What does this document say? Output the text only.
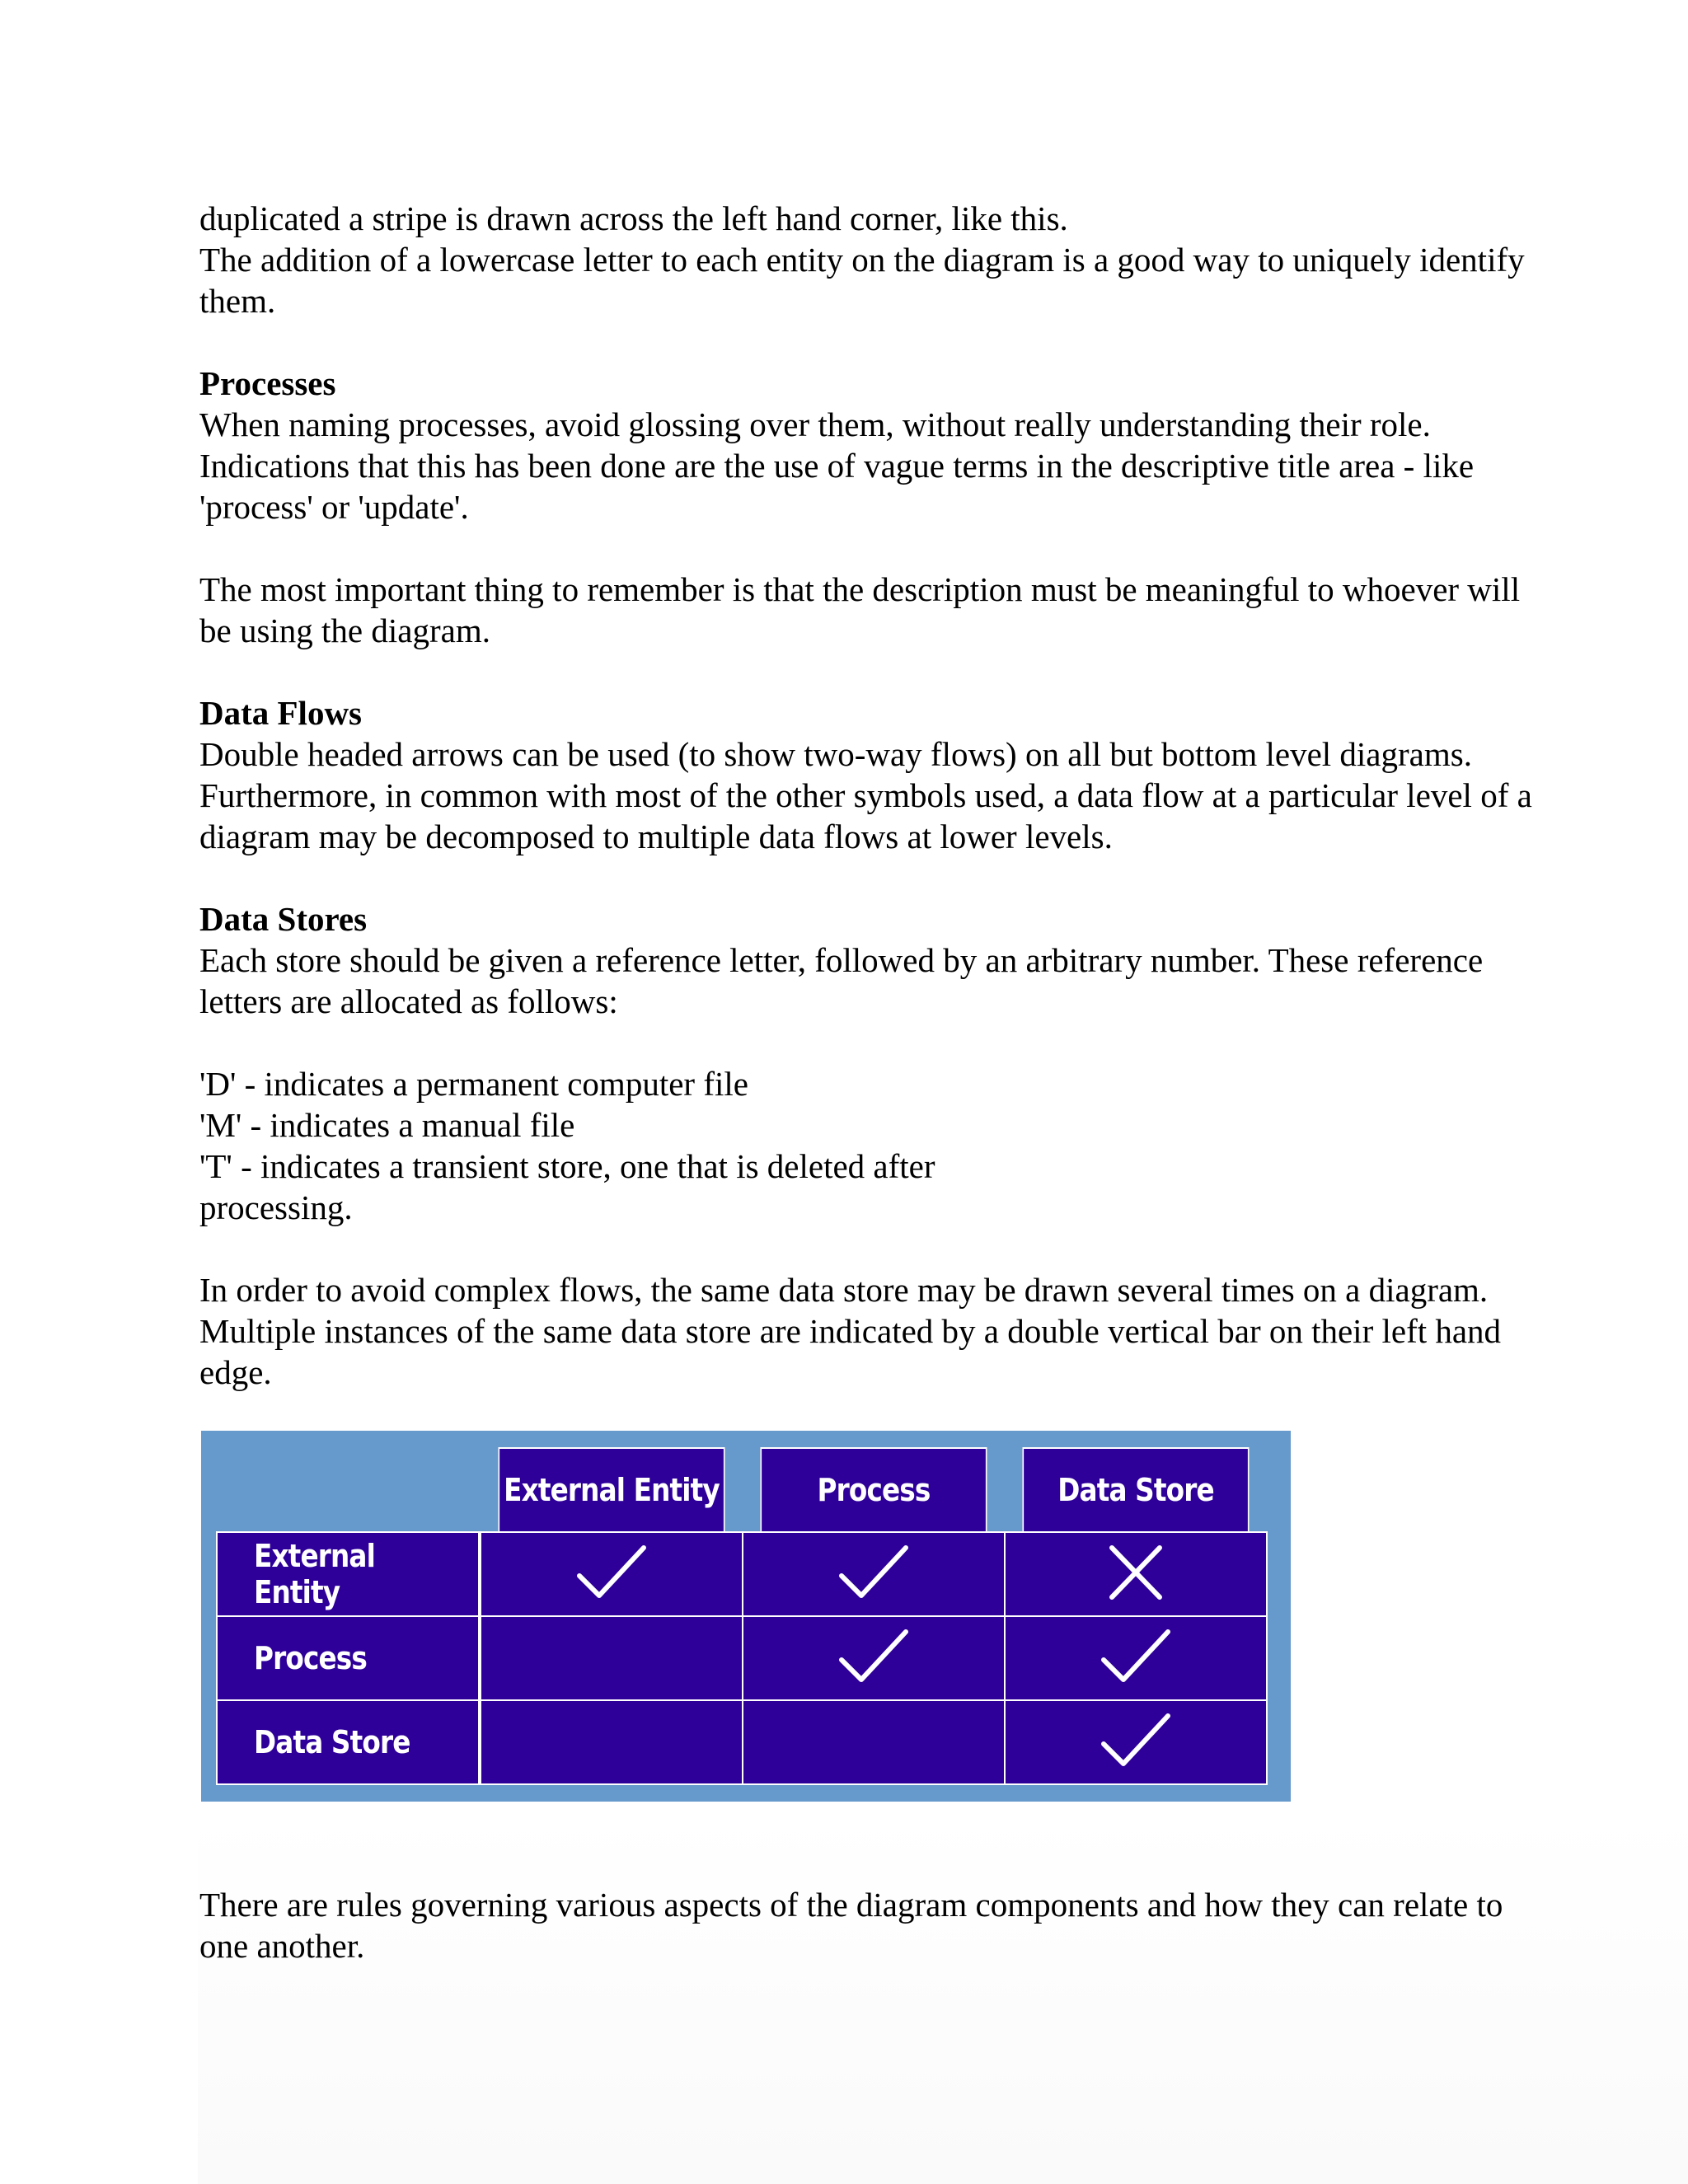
duplicated a stripe is drawn across the left hand corner, like this.

The addition of a lowercase letter to each entity on the diagram is a good way to uniquely identify them.

Processes

When naming processes, avoid glossing over them, without really understanding their role. Indications that this has been done are the use of vague terms in the descriptive title area - like 'process' or 'update'.

The most important thing to remember is that the description must be meaningful to whoever will be using the diagram.

Data Flows

Double headed arrows can be used (to show two-way flows) on all but bottom level diagrams. Furthermore, in common with most of the other symbols used, a data flow at a particular level of a diagram may be decomposed to multiple data flows at lower levels.

Data Stores

Each store should be given a reference letter, followed by an arbitrary number. These reference letters are allocated as follows:

'D' - indicates a permanent computer file

'M' - indicates a manual file

'T' - indicates a transient store, one that is deleted after

processing.

In order to avoid complex flows, the same data store may be drawn several times on a diagram. Multiple instances of the same data store are indicated by a double vertical bar on their left hand edge.

External Entity	Process	Data Store
External Entity
Process
Data Store

There are rules governing various aspects of the diagram components and how they can relate to one another.
